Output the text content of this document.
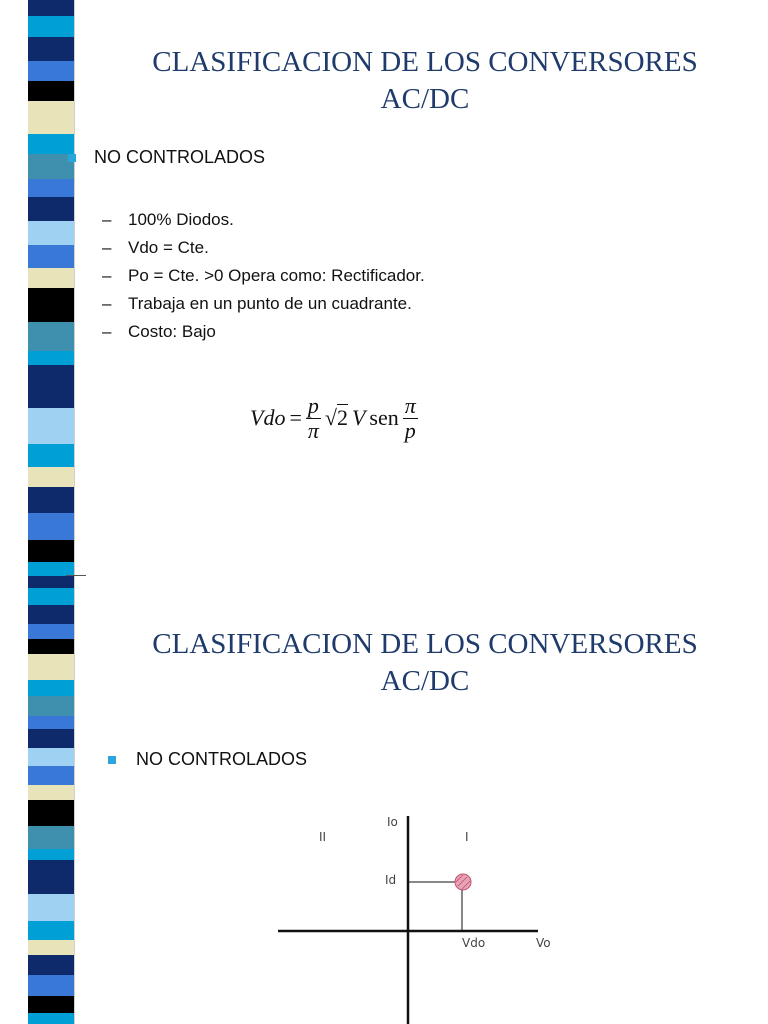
CLASIFICACION DE LOS CONVERSORES
AC/DC
NO CONTROLADOS
– 100% Diodos.
– Vdo = Cte.
– Po = Cte. >0 Opera como: Rectificador.
– Trabaja en un punto de un cuadrante.
– Costo: Bajo
Vdo = $\frac{p}{\pi} √2$ V sen $\frac{\pi}{p}$
CLASIFICACION DE LOS CONVERSORES
AC/DC
NO CONTROLADOS
II	I
Io
Vo
Id
Vdo
